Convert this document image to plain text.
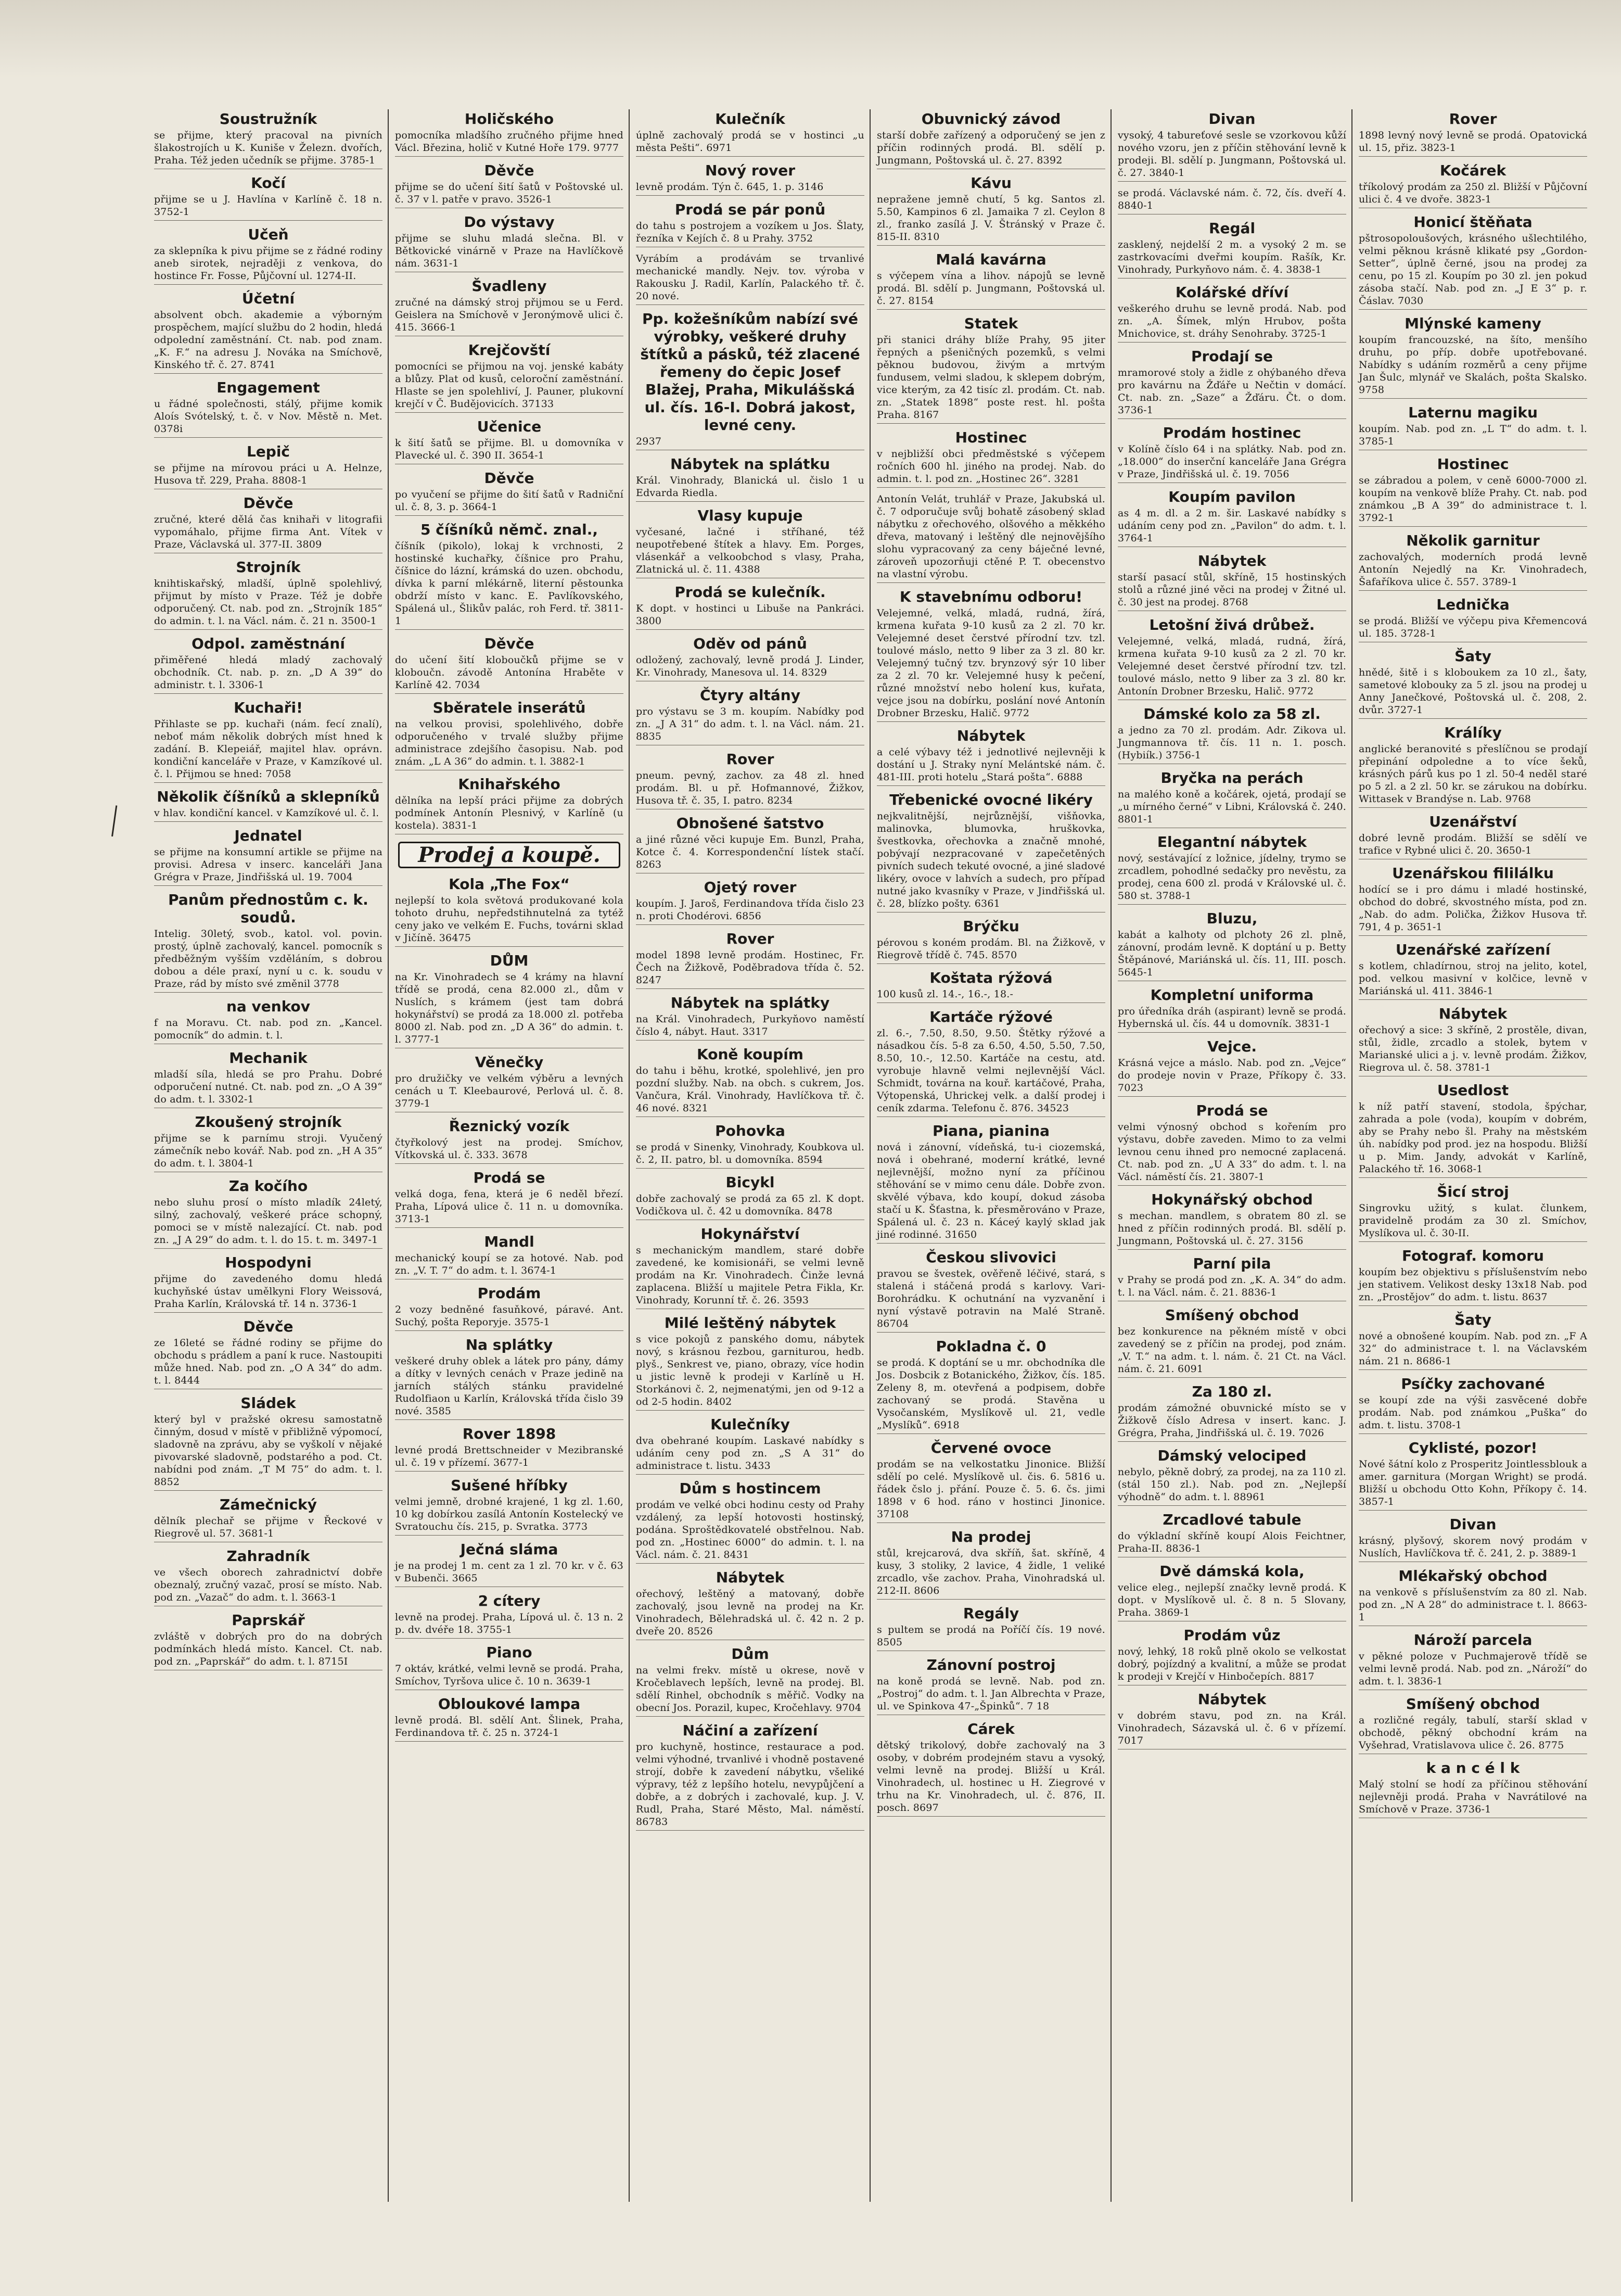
Soustružník
se přijme, který pracoval na pivních šlakostrojích u K. Kuniše v Železn. dvořích, Praha. Též jeden učedník se přijme. 3785-1
Kočí
přijme se u J. Havlína v Karlíně č. 18 n. 3752-1
Učeň
za sklepníka k pivu přijme se z řádné rodiny aneb sirotek, nejraději z venkova, do hostince Fr. Fosse, Půjčovní ul. 1274-II.
Účetní
absolvent obch. akademie a výborným prospěchem, mající službu do 2 hodin, hledá odpolední zaměstnání. Ct. nab. pod znam. „K. F.“ na adresu J. Nováka na Smíchově, Kinského tř. č. 27. 8741
Engagement
u řádné společnosti, stálý, přijme komik Aloís Svótelský, t. č. v Nov. Městě n. Met. 0378i
Lepič
se přijme na mírovou práci u A. Helnze, Husova tř. 229, Praha. 8808-1
Děvče
zručné, které dělá čas knihaři v litografii vypomáhalo, přijme firma Ant. Vítek v Praze, Václavská ul. 377-II. 3809
Strojník
knihtiskařský, mladší, úplně spolehlivý, přijmut by místo v Praze. Též je dobře odporučený. Ct. nab. pod zn. „Strojník 185“ do admin. t. l. na Václ. nám. č. 21 n. 3500-1
Odpol. zaměstnání
přiměřené hledá mladý zachovalý obchodník. Ct. nab. p. zn. „D A 39“ do administr. t. l. 3306-1
Kuchaři!
Přihlaste se pp. kuchaři (nám. fecí znalí), neboť mám několik dobrých míst hned k zadání. B. Klepeiář, majitel hlav. oprávn. kondiční kanceláře v Praze, v Kamzíkové ul. č. l. Přijmou se hned: 7058
Několik číšníků a sklepníků
v hlav. kondiční kancel. v Kamzíkové ul. č. l.
Jednatel
se přijme na konsumní artikle se přijme na provisi. Adresa v inserc. kanceláři Jana Grégra v Praze, Jindřišská ul. 19. 7004
Panům přednostům c. k. soudů.
Intelig. 30letý, svob., katol. vol. povin. prostý, úplně zachovalý, kancel. pomocník s předběžným vyšším vzděláním, s dobrou dobou a déle praxí, nyní u c. k. soudu v Praze, rád by místo své změnil 3778
na venkov
f na Moravu. Ct. nab. pod zn. „Kancel. pomocník“ do admin. t. l.
Mechanik
mladší síla, hledá se pro Prahu. Dobré odporučení nutné. Ct. nab. pod zn. „O A 39“ do adm. t. l. 3302-1
Zkoušený strojník
přijme se k parnímu stroji. Vyučený zámečník nebo kovář. Nab. pod zn. „H A 35“ do adm. t. l. 3804-1
Za kočího
nebo sluhu prosí o místo mladík 24letý, silný, zachovalý, veškeré práce schopný, pomoci se v místě nalezající. Ct. nab. pod zn. „J A 29“ do adm. t. l. do 15. t. m. 3497-1
Hospodyni
přijme do zavedeného domu hledá kuchyňské ústav umělkyni Flory Weissová, Praha Karlín, Královská tř. 14 n. 3736-1
Děvče
ze 16leté se řádné rodiny se přijme do obchodu s prádlem a paní k ruce. Nastoupiti může hned. Nab. pod zn. „O A 34“ do adm. t. l. 8444
Sládek
který byl v pražské okresu samostatně činným, dosud v místě v přibližně výpomocí, sladovně na zprávu, aby se vyškolí v nějaké pivovarské sladovně, podstarého a pod. Ct. nabídni pod znám. „T M 75“ do adm. t. l. 8852
Zámečnický
dělník plechař se přijme v Řeckové v Riegrově ul. 57. 3681-1
Zahradník
ve všech oborech zahradnictví dobře obeznalý, zručný vazač, prosí se místo. Nab. pod zn. „Vazač“ do adm. t. l. 3663-1
Paprskář
zvláště v dobrých pro do na dobrých podmínkách hledá místo. Kancel. Ct. nab. pod zn. „Paprskář“ do adm. t. l. 8715I
Holičského
pomocníka mladšího zručného přijme hned Václ. Březina, holič v Kutné Hoře 179. 9777
Děvče
přijme se do učení šití šatů v Poštovské ul. č. 37 v l. patře v pravo. 3526-1
Do výstavy
přijme se sluhu mladá slečna. Bl. v Bětkovické vinárně v Praze na Havlíčkově nám. 3631-1
Švadleny
zručné na dámský stroj přijmou se u Ferd. Geislera na Smíchově v Jeronýmově ulici č. 415. 3666-1
Krejčovští
pomocníci se přijmou na voj. jenské kabáty a blůzy. Plat od kusů, celoroční zaměstnání. Hlaste se jen spolehliví, J. Pauner, plukovní krejčí v Č. Budějovicích. 37133
Učenice
k šití šatů se přijme. Bl. u domovníka v Plavecké ul. č. 390 II. 3654-1
Děvče
po vyučení se přijme do šití šatů v Radniční ul. č. 8, 3. p. 3664-1
5 číšníků němč. znal.,
číšník (pikolo), lokaj k vrchnosti, 2 hostinské kuchařky, číšnice pro Prahu, číšnice do lázní, krámská do uzen. obchodu, dívka k parní mlékárně, literní pěstounka obdrží místo v kanc. E. Pavlíkovského, Spálená ul., Šlikův palác, roh Ferd. tř. 3811-1
Děvče
do učení šití kloboučků přijme se v kloboučn. závodě Antonína Hraběte v Karlíně 42. 7034
Sběratele inserátů
na velkou provisi, spolehlivého, dobře odporučeného v trvalé služby přijme administrace zdejšího časopisu. Nab. pod znám. „L A 36“ do admin. t. l. 3882-1
Knihařského
dělníka na lepší práci přijme za dobrých podmínek Antonín Plesnivý, v Karlíně (u kostela). 3831-1
Prodej a koupě.
Kola „The Fox“
nejlepší to kola světová produkované kola tohoto druhu, nepředstihnutelná za tytéž ceny jako ve velkém E. Fuchs, továrni sklad v Jičíně. 36475
DŮM
na Kr. Vinohradech se 4 krámy na hlavní třídě se prodá, cena 82.000 zl., dům v Nuslích, s krámem (jest tam dobrá hokynářství) se prodá za 18.000 zl. potřeba 8000 zl. Nab. pod zn. „D A 36“ do admin. t. l. 3777-1
Věnečky
pro družičky ve velkém výběru a levných cenách u T. Kleebaurové, Perlová ul. č. 8. 3779-1
Řeznický vozík
čtyřkolový jest na prodej. Smíchov, Vítkovská ul. č. 333. 3678
Prodá se
velká doga, fena, která je 6 neděl březí. Praha, Lípová ulice č. 11 n. u domovníka. 3713-1
Mandl
mechanický koupí se za hotové. Nab. pod zn. „V. T. 7“ do adm. t. l. 3674-1
Prodám
2 vozy bedněné fasuňkové, páravé. Ant. Suchý, pošta Reporyje. 3575-1
Na splátky
veškeré druhy oblek a látek pro pány, dámy a dítky v levných cenách v Praze jedině na jarních stálých stánku pravidelné Rudolfiaon u Karlín, Královská třída čislo 39 nové. 3585
Rover 1898
levné prodá Brettschneider v Mezibranské ul. č. 19 v přízemí. 3677-1
Sušené hříbky
velmi jemně, drobné krajené, 1 kg zl. 1.60, 10 kg dobírkou zasílá Antonín Kostelecký ve Svratouchu čís. 215, p. Svratka. 3773
Ječná sláma
je na prodej 1 m. cent za 1 zl. 70 kr. v č. 63 v Bubenči. 3665
2 cítery
levně na prodej. Praha, Lípová ul. č. 13 n. 2 p. dv. dvéře 18. 3755-1
Piano
7 oktáv, krátké, velmi levně se prodá. Praha, Smíchov, Tyršova ulice č. 10 n. 3639-1
Obloukové lampa
levně prodá. Bl. sdělí Ant. Šlinek, Praha, Ferdinandova tř. č. 25 n. 3724-1
Kulečník
úplně zachovalý prodá se v hostinci „u města Pešti“. 6971
Nový rover
levně prodám. Týn č. 645, 1. p. 3146
Prodá se pár ponů
do tahu s postrojem a vozíkem u Jos. Šlaty, řezníka v Kejích č. 8 u Prahy. 3752
Vyrábím a prodávám se trvanlivé mechanické mandly. Nejv. tov. výroba v Rakousku J. Radil, Karlín, Palackého tř. č. 20 nové.
Pp. kožešníkům nabízí své výrobky, veškeré druhy štítků a pásků, též zlacené řemeny do čepic Josef Blažej, Praha, Mikulášská ul. čís. 16-I. Dobrá jakost, levné ceny.
2937
Nábytek na splátku
Král. Vinohrady, Blanická ul. čislo 1 u Edvarda Riedla.
Vlasy kupuje
vyčesané, lačné i stříhané, též neupotřebené štítek a hlavy. Em. Porges, vlásenkář a velkoobchod s vlasy, Praha, Zlatnická ul. č. 11. 4388
Prodá se kulečník.
K dopt. v hostinci u Libuše na Pankráci. 3800
Oděv od pánů
odložený, zachovalý, levně prodá J. Linder, Kr. Vinohrady, Manesova ul. 14. 8329
Čtyry altány
pro výstavu se 3 m. koupím. Nabídky pod zn. „J A 31“ do adm. t. l. na Václ. nám. 21. 8835
Rover
pneum. pevný, zachov. za 48 zl. hned prodám. Bl. u př. Hofmannové, Žižkov, Husova tř. č. 35, I. patro. 8234
Obnošené šatstvo
a jiné různé věci kupuje Em. Bunzl, Praha, Kotce č. 4. Korrespondenční lístek stačí. 8263
Ojetý rover
koupím. J. Jaroš, Ferdinandova třída čislo 23 n. proti Chodérovi. 6856
Rover
model 1898 levně prodám. Hostinec, Fr. Čech na Žižkově, Poděbradova třída č. 52. 8247
Nábytek na splátky
na Král. Vinohradech, Purkyňovo naměstí číslo 4, nábyt. Haut. 3317
Koně koupím
do tahu i běhu, krotké, spolehlivé, jen pro pozdní služby. Nab. na obch. s cukrem, Jos. Vančura, Král. Vinohrady, Havlíčkova tř. č. 46 nové. 8321
Pohovka
se prodá v Sinenky, Vinohrady, Koubkova ul. č. 2, II. patro, bl. u domovníka. 8594
Bicykl
dobře zachovalý se prodá za 65 zl. K dopt. Vodičkova ul. č. 42 u domovníka. 8478
Hokynářství
s mechanickým mandlem, staré dobře zavedené, ke komisionáři, se velmi levně prodám na Kr. Vinohradech. Činže levná zaplacena. Bližší u majitele Petra Fikla, Kr. Vinohrady, Korunní tř. č. 26. 3593
Milé leštěný nábytek
s vice pokojů z panského domu, nábytek nový, s krásnou řezbou, garniturou, hedb. plyš., Senkrest ve, piano, obrazy, více hodin u jistic levně k prodeji v Karlíně u H. Storkánovi č. 2, nejmenatými, jen od 9-12 a od 2-5 hodin. 8402
Kulečníky
dva obehrané koupím. Laskavé nabídky s udáním ceny pod zn. „S A 31“ do administrace t. listu. 3433
Dům s hostincem
prodám ve velké obci hodinu cesty od Prahy vzdálený, za lepší hotovosti hostinský, podána. Sproštědkovatelé obstřelnou. Nab. pod zn. „Hostinec 6000“ do admin. t. l. na Václ. nám. č. 21. 8431
Nábytek
ořechový, leštěný a matovaný, dobře zachovalý, jsou levně na prodej na Kr. Vinohradech, Bělehradská ul. č. 42 n. 2 p. dveře 20. 8526
Dům
na velmi frekv. místě u okrese, nově v Kročeblavech lepších, levně na prodej. Bl. sdělí Rinhel, obchodník s měřič. Vodky na obecní Jos. Porazil, kupec, Kročehlavy. 9704
Náčiní a zařízení
pro kuchyně, hostince, restaurace a pod. velmi výhodné, trvanlivé i vhodně postavené strojí, dobře k zavedení nábytku, všeliké výpravy, též z lepšího hotelu, nevypůjčení a dobře, a z dobrých i zachovalé, kup. J. V. Rudl, Praha, Staré Město, Mal. náměstí. 86783
Obuvnický závod
starší dobře zařízený a odporučený se jen z příčin rodinných prodá. Bl. sdělí p. Jungmann, Poštovská ul. č. 27. 8392
Kávu
nepražene jemně chutí, 5 kg. Santos zl. 5.50, Kampinos 6 zl. Jamaika 7 zl. Ceylon 8 zl., franko zasílá J. V. Štránský v Praze č. 815-II. 8310
Malá kavárna
s výčepem vína a lihov. nápojů se levně prodá. Bl. sdělí p. Jungmann, Poštovská ul. č. 27. 8154
Statek
při stanici dráhy blíže Prahy, 95 jiter řepných a pšeničných pozemků, s velmi pěknou budovou, živým a mrtvým fundusem, velmi sladou, k sklepem dobrým, vice kterým, za 42 tisíc zl. prodám. Ct. nab. zn. „Statek 1898“ poste rest. hl. pošta Praha. 8167
Hostinec
v nejbližší obci předměstské s výčepem ročních 600 hl. jiného na prodej. Nab. do admin. t. l. pod zn. „Hostinec 26“. 3281
Antonín Velát, truhlář v Praze, Jakubská ul. č. 7 odporučuje svůj bohatě zásobený sklad nábytku z ořechového, olšového a měkkého dřeva, matovaný i leštěný dle nejnovějšího slohu vypracovaný za ceny báječné levné, zároveň upozorňuji ctěné P. T. obecenstvo na vlastní výrobu.
K stavebnímu odboru!
Velejemné, velká, mladá, rudná, žírá, krmena kuřata 9-10 kusů za 2 zl. 70 kr. Velejemné deset čerstvé přírodní tzv. tzl. toulové máslo, netto 9 liber za 3 zl. 80 kr. Velejemný tučný tzv. brynzový sýr 10 liber za 2 zl. 70 kr. Velejemné husy k pečení, různé množství nebo holení kus, kuřata, vejce jsou na dobírku, poslání nové Antonín Drobner Brzesku, Halič. 9772
Nábytek
a celé výbavy též i jednotlivé nejlevněji k dostání u J. Straky nyní Melántské nám. č. 481-III. proti hotelu „Stará pošta“. 6888
Třebenické ovocné likéry
nejkvalitnější, nejrůznější, višňovka, malinovka, blumovka, hruškovka, švestkovka, ořechovka a značně mnohé, pobývají nezpracované v zapečetěných pivních sudech tekuté ovocné, a jiné sladové likéry, ovoce v lahvích a sudech, pro případ nutné jako kvasníky v Praze, v Jindřišská ul. č. 28, blízko pošty. 6361
Brýčku
pérovou s koném prodám. Bl. na Žižkově, v Riegrově třídě č. 745. 8570
Koštata rýžová
100 kusů zl. 14.-, 16.-, 18.-
Kartáče rýžové
zl. 6.-, 7.50, 8.50, 9.50. Štětky rýžové a násadkou čís. 5-8 za 6.50, 4.50, 5.50, 7.50, 8.50, 10.-, 12.50. Kartáče na cestu, atd. vyrobuje hlavně velmi nejlevnější Václ. Schmidt, továrna na kouř. kartáčové, Praha, Výtopenská, Uhrickej velk. a další prodej i ceník zdarma. Telefonu č. 876. 34523
Piana, pianina
nová i zánovní, vídeňská, tu-i ciozemská, nová i obehrané, moderní krátké, levné nejlevnější, možno nyní za příčinou stěhování se v mimo cenu dále. Dobře zvon. skvělé výbava, kdo koupí, dokud zásoba stačí u K. Šťastna, k. přesměrováno v Praze, Spálená ul. č. 23 n. Káceý kaylý sklad jak jiné rodinné. 31650
Českou slivovici
pravou se švestek, ověřeně léčivé, stará, s stalená i stáčená prodá s karlovy. Vari-Borohrádku. K ochutnání na vyzvanění i nyní výstavě potravin na Malé Straně. 86704
Pokladna č. 0
se prodá. K doptání se u mr. obchodníka dle Jos. Dosbcik z Botanického, Žižkov, čís. 185. Zeleny 8, m. otevřená a podpisem, dobře zachovaný se prodá. Stavěna u Vysočanském, Myslíkově ul. 21, vedle „Myslíků“. 6918
Červené ovoce
prodám se na velkostatku Jinonice. Bližší sdělí po celé. Myslíkově ul. čis. 6. 5816 u. řádek čslo j. přání. Pouze č. 5. 6. čs. jimi 1898 v 6 hod. ráno v hostinci Jinonice. 37108
Na prodej
stůl, krejcarová, dva skříň, šat. skříně, 4 kusy, 3 stoliky, 2 lavice, 4 židle, 1 veliké zrcadlo, vše zachov. Praha, Vinohradská ul. 212-II. 8606
Regály
s pultem se prodá na Poříčí čís. 19 nové. 8505
Zánovní postroj
na koně prodá se levně. Nab. pod zn. „Postroj“ do adm. t. l. Jan Albrechta v Praze, ul. ve Spinkova 47-„Špinků“. 7 18
Cárek
dětský trikolový, dobře zachovalý na 3 osoby, v dobrém prodejném stavu a vysoký, velmi levně na prodej. Bližší u Král. Vinohradech, ul. hostinec u H. Ziegrové v trhu na Kr. Vinohradech, ul. č. 876, II. posch. 8697
Divan
vysoký, 4 tabureťové sesle se vzorkovou kůží nového vzoru, jen z příčin stěhování levně k prodeji. Bl. sdělí p. Jungmann, Poštovská ul. č. 27. 3840-1
se prodá. Václavské nám. č. 72, čís. dveří 4. 8840-1
Regál
zasklený, nejdelší 2 m. a vysoký 2 m. se zastrkovacími dveřmi koupím. Rašík, Kr. Vinohrady, Purkyňovo nám. č. 4. 3838-1
Kolářské dříví
veškerého druhu se levně prodá. Nab. pod zn. „A. Šímek, mlýn Hrubov, pošta Mnichovice, st. dráhy Senohraby. 3725-1
Prodají se
mramorové stoly a židle z ohýbaného dřeva pro kavárnu na Žďáře u Nečtin v domácí. Ct. nab. zn. „Saze“ a Žďáru. Čt. o dom. 3736-1
Prodám hostinec
v Kolíně číslo 64 i na splátky. Nab. pod zn. „18.000“ do inserční kanceláře Jana Grégra v Praze, Jindřišská ul. č. 19. 7056
Koupím pavilon
as 4 m. dl. a 2 m. šir. Laskavé nabídky s udáním ceny pod zn. „Pavilon“ do adm. t. l. 3764-1
Nábytek
starší pasací stůl, skříně, 15 hostinských stolů a různé jiné věci na prodej v Žitné ul. č. 30 jest na prodej. 8768
Letošní živá drůbež.
Velejemné, velká, mladá, rudná, žírá, krmena kuřata 9-10 kusů za 2 zl. 70 kr. Velejemné deset čerstvé přírodní tzv. tzl. toulové máslo, netto 9 liber za 3 zl. 80 kr. Antonín Drobner Brzesku, Halič. 9772
Dámské kolo za 58 zl.
a jedno za 70 zl. prodám. Adr. Zikova ul. Jungmannova tř. čís. 11 n. 1. posch. (Hybiík.) 3756-1
Bryčka na perách
na malého koně a kočárek, ojetá, prodají se „u mírného černé“ v Libni, Královská č. 240. 8801-1
Elegantní nábytek
nový, sestávající z ložnice, jídelny, trymo se zrcadlem, pohodlné sedačky pro nevěstu, za prodej, cena 600 zl. prodá v Královské ul. č. 580 st. 3788-1
Bluzu,
kabát a kalhoty od plchoty 26 zl. plně, zánovní, prodám levně. K doptání u p. Betty Štěpánové, Mariánská ul. čís. 11, III. posch. 5645-1
Kompletní uniforma
pro úředníka dráh (aspirant) levně se prodá. Hybernská ul. čís. 44 u domovník. 3831-1
Vejce.
Krásná vejce a máslo. Nab. pod zn. „Vejce“ do prodeje novin v Praze, Příkopy č. 33. 7023
Prodá se
velmi výnosný obchod s kořením pro výstavu, dobře zaveden. Mimo to za velmi levnou cenu ihned pro nemocné zaplacená. Ct. nab. pod zn. „U A 33“ do adm. t. l. na Václ. náměstí čís. 21. 3807-1
Hokynářský obchod
s mechan. mandlem, s obratem 80 zl. se hned z příčin rodinných prodá. Bl. sdělí p. Jungmann, Poštovská ul. č. 27. 3156
Parní pila
v Prahy se prodá pod zn. „K. A. 34“ do adm. t. l. na Václ. nám. č. 21. 8836-1
Smíšený obchod
bez konkurence na pěkném místě v obci zavedený se z příčin na prodej, pod znám. „V. T.“ na adm. t. l. nám. č. 21 Ct. na Václ. nám. č. 21. 6091
Za 180 zl.
prodám zámožné obuvnické místo se v Žižkově číslo Adresa v insert. kanc. J. Grégra, Praha, Jindřišská ul. č. 19. 7026
Dámský velociped
nebylo, pěkně dobrý, za prodej, na za 110 zl. (stál 150 zl.). Nab. pod zn. „Nejlepší výhodně“ do adm. t. l. 88961
Zrcadlové tabule
do výkladní skříně koupí Alois Feichtner, Praha-II. 8836-1
Dvě dámská kola,
velice eleg., nejlepší značky levně prodá. K dopt. v Myslíkově ul. č. 8 n. 5 Slovany, Praha. 3869-1
Prodám vůz
nový, lehký, 18 roků plně okolo se velkostat dobrý, pojízdný a kvalitní, a může se prodat k prodeji v Krejčí v Hinbočepích. 8817
Nábytek
v dobrém stavu, pod zn. na Král. Vinohradech, Sázavská ul. č. 6 v přízemí. 7017
Rover
1898 levný nový levně se prodá. Opatovická ul. 15, přiz. 3823-1
Kočárek
tříkolový prodám za 250 zl. Bližší v Půjčovní ulici č. 4 ve dvoře. 3823-1
Honicí štěňata
pštrosopoloušových, krásného ušlechtilého, velmi pěknou krásně klikaté psy „Gordon-Setter“, úplně černé, jsou na prodej za cenu, po 15 zl. Koupím po 30 zl. jen pokud zásoba stačí. Nab. pod zn. „J E 3“ p. r. Čáslav. 7030
Mlýnské kameny
koupím francouzské, na šíto, menšího druhu, po příp. dobře upotřebované. Nabídky s udáním rozměrů a ceny přijme Jan Šulc, mlynář ve Skalách, pošta Skalsko. 9758
Laternu magiku
koupím. Nab. pod zn. „L T“ do adm. t. l. 3785-1
Hostinec
se zábradou a polem, v ceně 6000-7000 zl. koupím na venkově blíže Prahy. Ct. nab. pod známkou „B A 39“ do administrace t. l. 3792-1
Několik garnitur
zachovalých, moderních prodá levně Antonín Nejedlý na Kr. Vinohradech, Šafaříkova ulice č. 557. 3789-1
Lednička
se prodá. Bližší ve výčepu piva Křemencová ul. 185. 3728-1
Šaty
hnědé, šitě i s kloboukem za 10 zl., šaty, sametové klobouky za 5 zl. jsou na prodej u Anny Janečkové, Poštovská ul. č. 208, 2. dvůr. 3727-1
Králíky
anglické beranovité s přeslíčnou se prodají přepinání odpoledne a to více šeků, krásných párů kus po 1 zl. 50-4 neděl staré po 5 zl. a 2 zl. 50 kr. se zárukou na dobírku. Wittasek v Brandýse n. Lab. 9768
Uzenářství
dobré levně prodám. Bližší se sdělí ve trafice v Rybné ulici č. 20. 3650-1
Uzenářskou fililálku
hodící se i pro dámu i mladé hostinské, obchod do dobré, skvostného místa, pod zn. „Nab. do adm. Polička, Žižkov Husova tř. 791, 4 p. 3651-1
Uzenářské zařízení
s kotlem, chladírnou, stroj na jelito, kotel, pod. velkou masivní v kolčice, levně v Mariánská ul. 411. 3846-1
Nábytek
ořechový a sice: 3 skříně, 2 prostěle, divan, stůl, židle, zrcadlo a stolek, bytem v Marianské ulici a j. v. levně prodám. Žižkov, Riegrova ul. č. 58. 3781-1
Usedlost
k níž patří stavení, stodola, špýchar, zahrada a pole (voda), koupím v dobrém, aby se Prahy nebo šl. Prahy na městském úh. nabídky pod prod. jez na hospodu. Bližší u p. Mim. Jandy, advokát v Karlíně, Palackého tř. 16. 3068-1
Šicí stroj
Singrovku užitý, s kulat. člunkem, pravidelně prodám za 30 zl. Smíchov, Myslíkova ul. č. 30-II.
Fotograf. komoru
koupím bez objektivu s příslušenstvím nebo jen stativem. Velikost desky 13x18 Nab. pod zn. „Prostějov“ do adm. t. listu. 8637
Šaty
nové a obnošené koupím. Nab. pod zn. „F A 32“ do administrace t. l. na Václavském nám. 21 n. 8686-1
Psíčky zachované
se koupí zde na výši zasvěcené dobře prodám. Nab. pod známkou „Puška“ do adm. t. listu. 3708-1
Cyklisté, pozor!
Nové šátní kolo z Prosperitz Jointlessblouk a amer. garnitura (Morgan Wright) se prodá. Bližší u obchodu Otto Kohn, Příkopy č. 14. 3857-1
Divan
krásný, plyšový, skorem nový prodám v Nuslích, Havlíčkova tř. č. 241, 2. p. 3889-1
Mlékařský obchod
na venkově s příslušenstvím za 80 zl. Nab. pod zn. „N A 28“ do administrace t. l. 8663-1
Nároží parcela
v pěkné poloze v Puchmajerově třídě se velmi levně prodá. Nab. pod zn. „Nároží“ do adm. t. l. 3836-1
Smíšený obchod
a rozličné regály, tabulí, starší sklad v obchodě, pěkný obchodní krám na Vyšehrad, Vratislavova ulice č. 26. 8775
k a n c é l k
Malý stolní se hodí za příčinou stěhování nejlevněji prodá. Praha v Navrátilové na Smíchově v Praze. 3736-1
